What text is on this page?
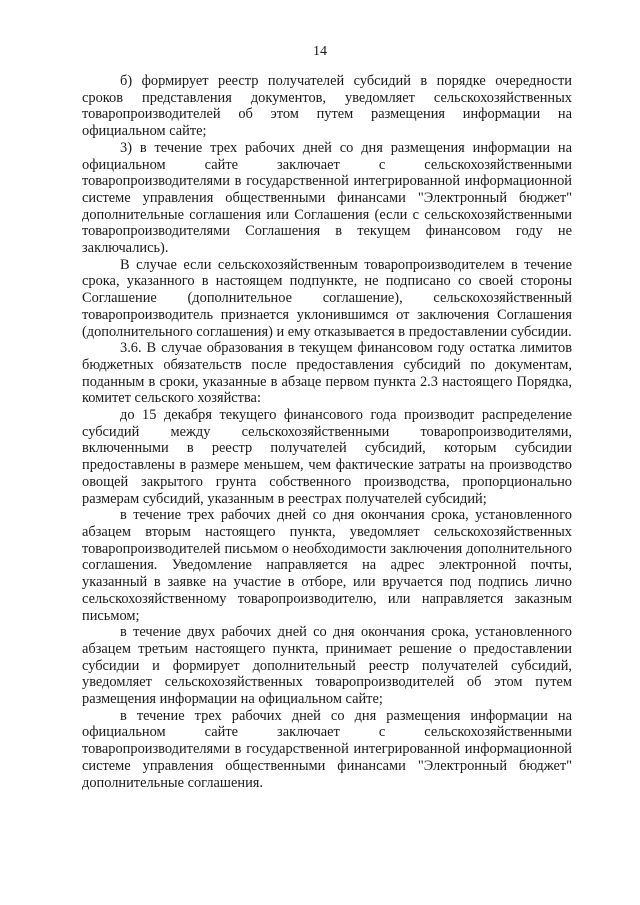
14

б) формирует реестр получателей субсидий в порядке очередности сроков представления документов, уведомляет сельскохозяйственных товаропроизводителей об этом путем размещения информации на официальном сайте;

3) в течение трех рабочих дней со дня размещения информации на официальном сайте заключает с сельскохозяйственными товаропроизводителями в государственной интегрированной информационной системе управления общественными финансами "Электронный бюджет" дополнительные соглашения или Соглашения (если с сельскохозяйственными товаропроизводителями Соглашения в текущем финансовом году не заключались).

В случае если сельскохозяйственным товаропроизводителем в течение срока, указанного в настоящем подпункте, не подписано со своей стороны Соглашение (дополнительное соглашение), сельскохозяйственный товаропроизводитель признается уклонившимся от заключения Соглашения (дополнительного соглашения) и ему отказывается в предоставлении субсидии.

3.6. В случае образования в текущем финансовом году остатка лимитов бюджетных обязательств после предоставления субсидий по документам, поданным в сроки, указанные в абзаце первом пункта 2.3 настоящего Порядка, комитет сельского хозяйства:

до 15 декабря текущего финансового года производит распределение субсидий между сельскохозяйственными товаропроизводителями, включенными в реестр получателей субсидий, которым субсидии предоставлены в размере меньшем, чем фактические затраты на производство овощей закрытого грунта собственного производства, пропорционально размерам субсидий, указанным в реестрах получателей субсидий;

в течение трех рабочих дней со дня окончания срока, установленного абзацем вторым настоящего пункта, уведомляет сельскохозяйственных товаропроизводителей письмом о необходимости заключения дополнительного соглашения. Уведомление направляется на адрес электронной почты, указанный в заявке на участие в отборе, или вручается под подпись лично сельскохозяйственному товаропроизводителю, или направляется заказным письмом;

в течение двух рабочих дней со дня окончания срока, установленного абзацем третьим настоящего пункта, принимает решение о предоставлении субсидии и формирует дополнительный реестр получателей субсидий, уведомляет сельскохозяйственных товаропроизводителей об этом путем размещения информации на официальном сайте;

в течение трех рабочих дней со дня размещения информации на официальном сайте заключает с сельскохозяйственными товаропроизводителями в государственной интегрированной информационной системе управления общественными финансами "Электронный бюджет" дополнительные соглашения.
